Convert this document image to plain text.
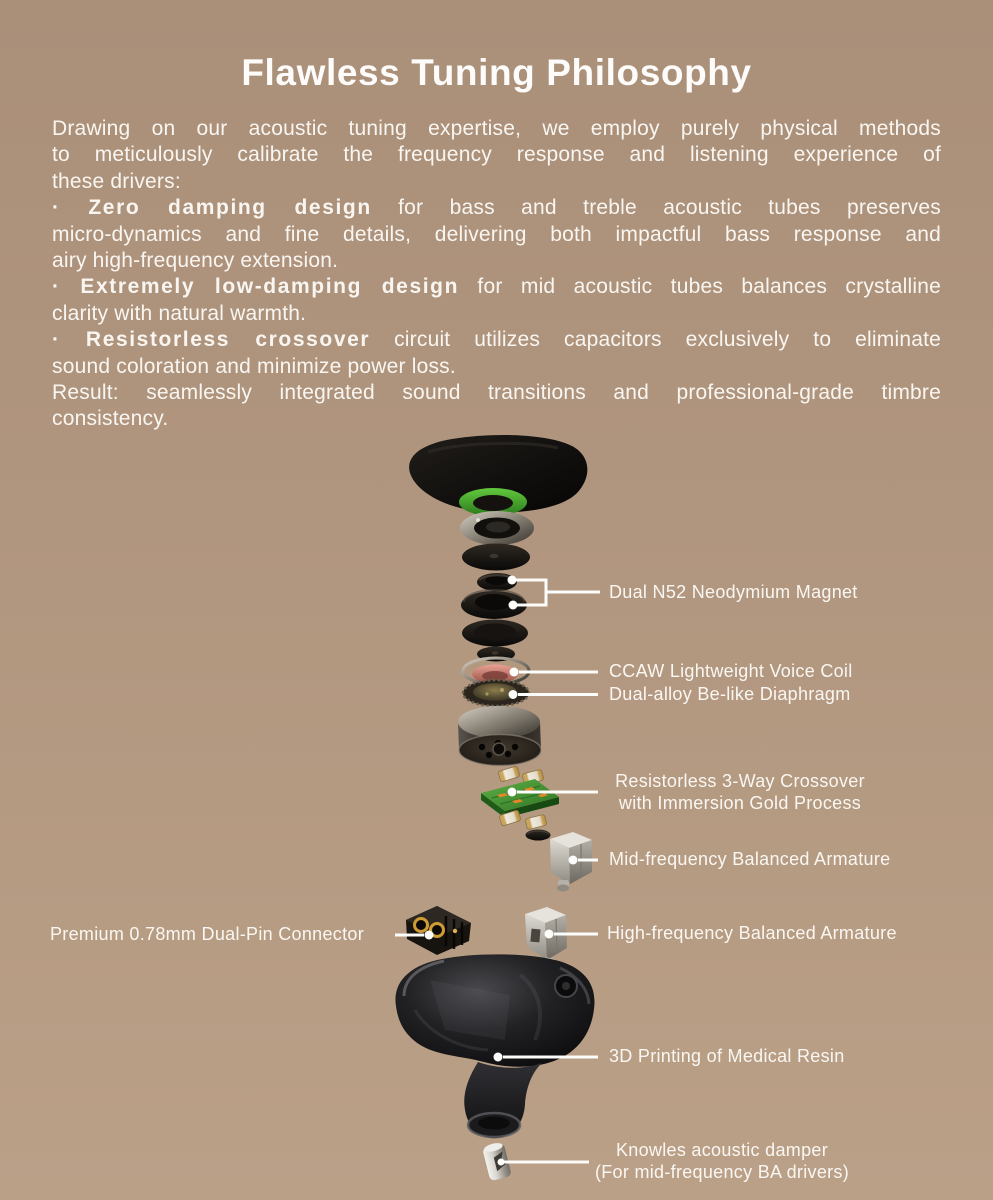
Flawless Tuning Philosophy
Drawing on our acoustic tuning expertise, we employ purely physical methods
to meticulously calibrate the frequency response and listening experience of
these drivers:
· Zero damping design for bass and treble acoustic tubes preserves
micro-dynamics and fine details, delivering both impactful bass response and
airy high-frequency extension.
· Extremely low-damping design for mid acoustic tubes balances crystalline
clarity with natural warmth.
· Resistorless crossover circuit utilizes capacitors exclusively to eliminate
sound coloration and minimize power loss.
Result: seamlessly integrated sound transitions and professional-grade timbre
consistency.
Dual N52 Neodymium Magnet
CCAW Lightweight Voice Coil
Dual-alloy Be-like Diaphragm
Resistorless 3-Way Crossover
with Immersion Gold Process
Mid-frequency Balanced Armature
Premium 0.78mm Dual-Pin Connector	High-frequency Balanced Armature
3D Printing of Medical Resin
Knowles acoustic damper
(For mid-frequency BA drivers)
